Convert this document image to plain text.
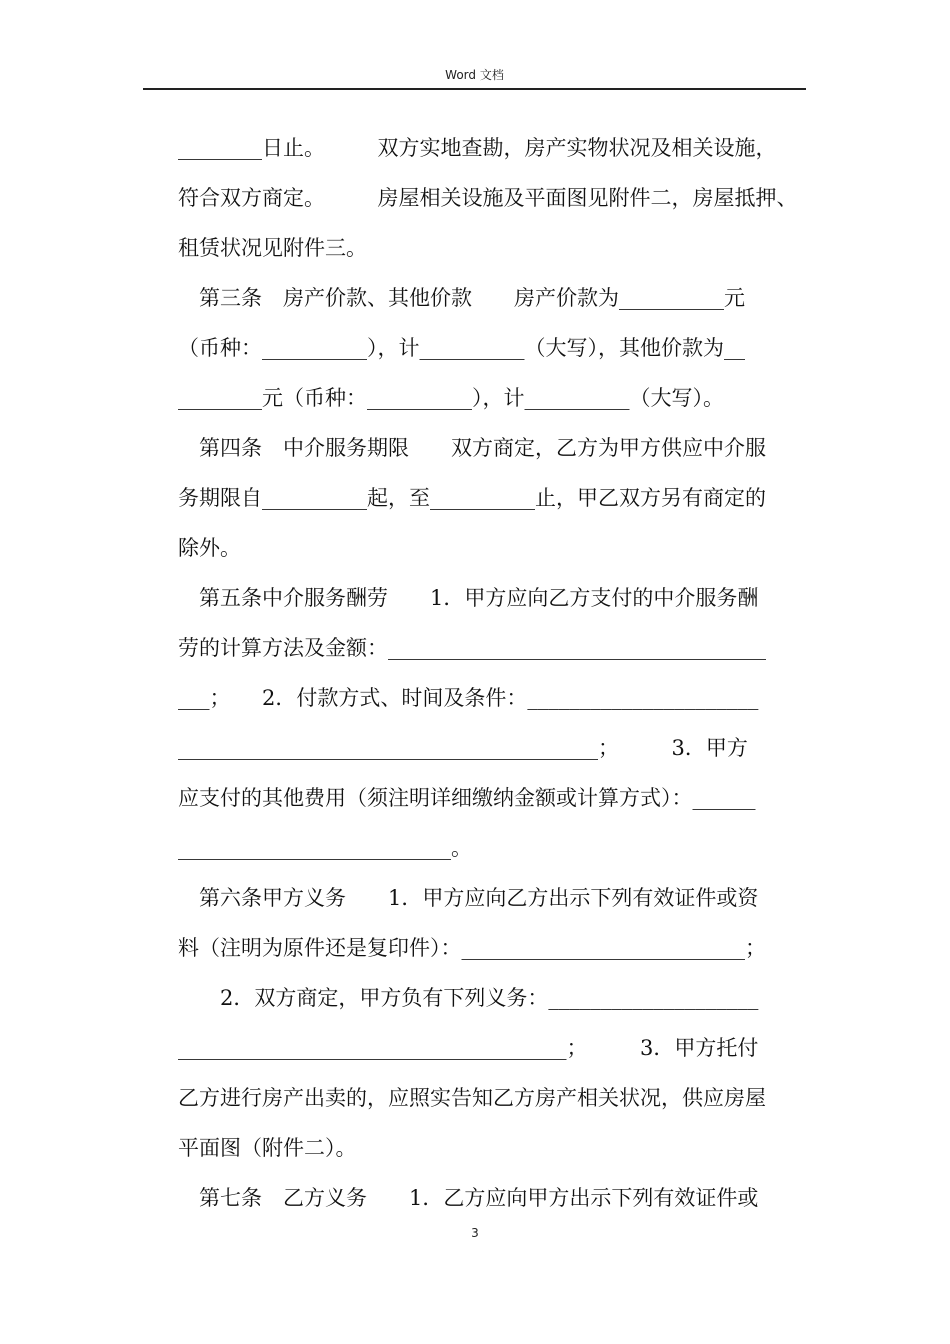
Word 文档
________日止。　　　双方实地查勘，房产实物状况及相关设施，
符合双方商定。　　　房屋相关设施及平面图见附件二，房屋抵押、
租赁状况见附件三。
　第三条　房产价款、其他价款　　房产价款为__________元
（币种：__________），计__________（大写），其他价款为__
________元（币种：__________），计__________（大写）。
　第四条　中介服务期限　　双方商定，乙方为甲方供应中介服
务期限自__________起，至__________止，甲乙双方另有商定的
除外。
　第五条中介服务酬劳　　1．甲方应向乙方支付的中介服务酬
劳的计算方法及金额：____________________________________
___；　　2．付款方式、时间及条件：______________________
________________________________________；　　　3．甲方
应支付的其他费用（须注明详细缴纳金额或计算方式）：______
__________________________。
　第六条甲方义务　　1．甲方应向乙方出示下列有效证件或资
料（注明为原件还是复印件）：___________________________；
　　2．双方商定，甲方负有下列义务：____________________
_____________________________________；　　　3．甲方托付
乙方进行房产出卖的，应照实告知乙方房产相关状况，供应房屋
平面图（附件二）。
　第七条　乙方义务　　1．乙方应向甲方出示下列有效证件或
3
